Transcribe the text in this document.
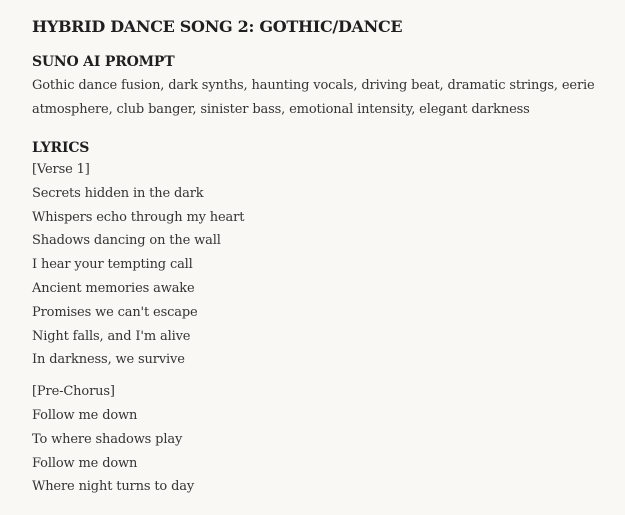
HYBRID DANCE SONG 2: GOTHIC/DANCE
SUNO AI PROMPT

Gothic dance fusion, dark synths, haunting vocals, driving beat, dramatic strings, eerie atmosphere, club banger, sinister bass, emotional intensity, elegant darkness

LYRICS
[Verse 1]
Secrets hidden in the dark
Whispers echo through my heart
Shadows dancing on the wall
I hear your tempting call
Ancient memories awake
Promises we can't escape
Night falls, and I'm alive
In darkness, we survive
[Pre-Chorus]
Follow me down
To where shadows play
Follow me down
Where night turns to day
